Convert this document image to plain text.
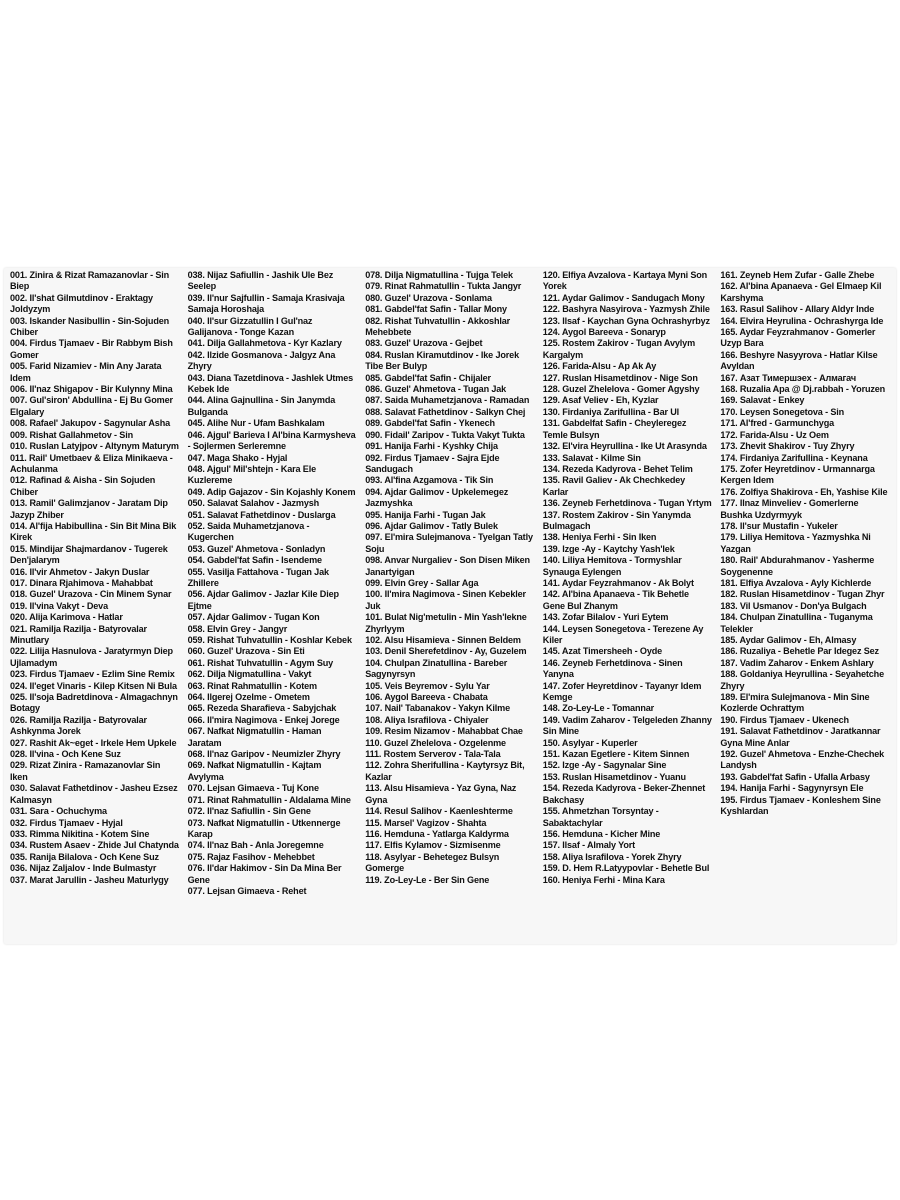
001. Zinira & Rizat Ramazanovlar - Sin Biep
002. Il'shat Gilmutdinov - Eraktagy Joldyzym
003. Iskander Nasibullin - Sin-Sojuden Chiber
004. Firdus Tjamaev - Bir Rabbym Bish Gomer
005. Farid Nizamiev - Min Any Jarata Idem
006. Il'naz Shigapov - Bir Kulynny Mina
007. Gul'siron' Abdullina - Ej Bu Gomer Elgalary
008. Rafael' Jakupov - Sagynular Asha
009. Rishat Gallahmetov - Sin
010. Ruslan Latyjpov - Altynym Maturym
011. Rail' Umetbaev & Eliza Minikaeva - Achulanma
012. Rafinad & Aisha - Sin Sojuden Chiber
013. Ramil' Galimzjanov - Jaratam Dip Jazyp Zhiber
014. Al'fija Habibullina - Sin Bit Mina Bik Kirek
015. Mindijar Shajmardanov - Tugerek Den'jalarym
016. Il'vir Ahmetov - Jakyn Duslar
017. Dinara Rjahimova - Mahabbat
018. Guzel' Urazova - Cin Minem Synar
019. Il'vina Vakyt - Deva
020. Alija Karimova - Hatlar
021. Ramilja Razilja - Batyrovalar Minutlary
022. Lilija Hasnulova - Jaratyrmyn Diep Ujlamadym
023. Firdus Tjamaev - Ezlim Sine Remix
024. Il'eget Vinaris - Kilep Kitsen Ni Bula
025. Il'soja Badretdinova - Almagachnyn Botagy
026. Ramilja Razilja - Batyrovalar Ashkynma Jorek
027. Rashit Ak~eget - Irkele Hem Upkele
028. Il'vina - Och Kene Suz
029. Rizat Zinira - Ramazanovlar Sin Iken
030. Salavat Fathetdinov - Jasheu Ezsez Kalmasyn
031. Sara - Ochuchyma
032. Firdus Tjamaev - Hyjal
033. Rimma Nikitina - Kotem Sine
034. Rustem Asaev - Zhide Jul Chatynda
035. Ranija Bilalova - Och Kene Suz
036. Nijaz Zaljalov - Inde Bulmastyr
037. Marat Jarullin - Jasheu Maturlygy
038. Nijaz Safiullin - Jashik Ule Bez Seelep
039. Il'nur Sajfullin - Samaja Krasivaja Samaja Horoshaja
040. Il'sur Gizzatullin I Gul'naz Galijanova - Tonge Kazan
041. Dilja Gallahmetova - Kyr Kazlary
042. Ilzide Gosmanova - Jalgyz Ana Zhyry
043. Diana Tazetdinova - Jashlek Utmes Kebek Ide
044. Alina Gajnullina - Sin Janymda Bulganda
045. Alihe Nur - Ufam Bashkalam
046. Ajgul' Barieva I Al'bina Karmysheva - Sojlermen Serleremne
047. Maga Shako - Hyjal
048. Ajgul' Mil'shtejn - Kara Ele Kuzlereme
049. Adip Gajazov - Sin Kojashly Konem
050. Salavat Salahov - Jazmysh
051. Salavat Fathetdinov - Duslarga
052. Saida Muhametzjanova - Kugerchen
053. Guzel' Ahmetova - Sonladyn
054. Gabdel'fat Safin - Isendeme
055. Vasilja Fattahova - Tugan Jak Zhillere
056. Ajdar Galimov - Jazlar Kile Diep Ejtme
057. Ajdar Galimov - Tugan Kon
058. Elvin Grey - Jangyr
059. Rishat Tuhvatullin - Koshlar Kebek
060. Guzel' Urazova - Sin Eti
061. Rishat Tuhvatullin - Agym Suy
062. Dilja Nigmatullina - Vakyt
063. Rinat Rahmatullin - Kotem
064. Ilgerej Ozelme - Ometem
065. Rezeda Sharafieva - Sabyjchak
066. Il'mira Nagimova - Enkej Jorege
067. Nafkat Nigmatullin - Haman Jaratam
068. Il'naz Garipov - Neumizler Zhyry
069. Nafkat Nigmatullin - Kajtam Avylyma
070. Lejsan Gimaeva - Tuj Kone
071. Rinat Rahmatullin - Aldalama Mine
072. Il'naz Safiullin - Sin Gene
073. Nafkat Nigmatullin - Utkennerge Karap
074. Il'naz Bah - Anla Joregemne
075. Rajaz Fasihov - Mehebbet
076. Il'dar Hakimov - Sin Da Mina Ber Gene
077. Lejsan Gimaeva - Rehet
078. Dilja Nigmatullina - Tujga Telek
079. Rinat Rahmatullin - Tukta Jangyr
080. Guzel' Urazova - Sonlama
081. Gabdel'fat Safin - Tallar Mony
082. Rishat Tuhvatullin - Akkoshlar Mehebbete
083. Guzel' Urazova - Gejbet
084. Ruslan Kiramutdinov - Ike Jorek Tibe Ber Bulyp
085. Gabdel'fat Safin - Chijaler
086. Guzel' Ahmetova - Tugan Jak
087. Saida Muhametzjanova - Ramadan
088. Salavat Fathetdinov - Salkyn Chej
089. Gabdel'fat Safin - Ykenech
090. Fidail' Zaripov - Tukta Vakyt Tukta
091. Hanija Farhi - Kyshky Chija
092. Firdus Tjamaev - Sajra Ejde Sandugach
093. Al'fina Azgamova - Tik Sin
094. Ajdar Galimov - Upkelemegez Jazmyshka
095. Hanija Farhi - Tugan Jak
096. Ajdar Galimov - Tatly Bulek
097. El'mira Sulejmanova - Tyelgan Tatly Soju
098. Anvar Nurgaliev - Son Disen Miken Janartyigan
099. Elvin Grey - Sallar Aga
100. Il'mira Nagimova - Sinen Kebekler Juk
101. Bulat Nig'metulin - Min Yash'lekne Zhyrlyym
102. Alsu Hisamieva - Sinnen Beldem
103. Denil Sherefetdinov - Ay, Guzelem
104. Chulpan Zinatullina - Bareber Sagynyrsyn
105. Veis Beyremov - Sylu Yar
106. Aygol Bareeva - Chabata
107. Nail' Tabanakov - Yakyn Kilme
108. Aliya Israfilova - Chiyaler
109. Resim Nizamov - Mahabbat Chae
110. Guzel Zhelelova - Ozgelenme
111. Rostem Serverov - Tala-Tala
112. Zohra Sherifullina - Kaytyrsyz Bit, Kazlar
113. Alsu Hisamieva - Yaz Gyna, Naz Gyna
114. Resul Salihov - Kaenleshterme
115. Marsel' Vagizov - Shahta
116. Hemduna - Yatlarga Kaldyrma
117. Elfis Kylamov - Sizmisenme
118. Asylyar - Behetegez Bulsyn Gomerge
119. Zo-Ley-Le - Ber Sin Gene
120. Elfiya Avzalova - Kartaya Myni Son Yorek
121. Aydar Galimov - Sandugach Mony
122. Bashyra Nasyirova - Yazmysh Zhile
123. Ilsaf - Kaychan Gyna Ochrashyrbyz
124. Aygol Bareeva - Sonaryp
125. Rostem Zakirov - Tugan Avylym Kargalym
126. Farida-Alsu - Ap Ak Ay
127. Ruslan Hisametdinov - Nige Son
128. Guzel Zhelelova - Gomer Agyshy
129. Asaf Veliev - Eh, Kyzlar
130. Firdaniya Zarifullina - Bar Ul
131. Gabdelfat Safin - Cheyleregez Temle Bulsyn
132. El'vira Heyrullina - Ike Ut Arasynda
133. Salavat - Kilme Sin
134. Rezeda Kadyrova - Behet Telim
135. Ravil Galiev - Ak Chechkedey Karlar
136. Zeyneb Ferhetdinova - Tugan Yrtym
137. Rostem Zakirov - Sin Yanymda Bulmagach
138. Heniya Ferhi - Sin Iken
139. Izge -Ay - Kaytchy Yash'lek
140. Liliya Hemitova - Tormyshlar Synauga Eylengen
141. Aydar Feyzrahmanov - Ak Bolyt
142. Al'bina Apanaeva - Tik Behetle Gene Bul Zhanym
143. Zofar Bilalov - Yuri Eytem
144. Leysen Sonegetova - Terezene Ay Kiler
145. Azat Timersheeh - Oyde
146. Zeyneb Ferhetdinova - Sinen Yanyna
147. Zofer Heyretdinov - Tayanyr Idem Kemge
148. Zo-Ley-Le - Tomannar
149. Vadim Zaharov - Telgeleden Zhanny Sin Mine
150. Asylyar - Kuperler
151. Kazan Egetlere - Kitem Sinnen
152. Izge -Ay - Sagynalar Sine
153. Ruslan Hisametdinov - Yuanu
154. Rezeda Kadyrova - Beker-Zhennet Bakchasy
155. Ahmetzhan Torsyntay - Sabaktachylar
156. Hemduna - Kicher Mine
157. Ilsaf - Almaly Yort
158. Aliya Israfilova - Yorek Zhyry
159. D. Hem R.Latyypovlar - Behetle Bul
160. Heniya Ferhi - Mina Kara
161. Zeyneb Hem Zufar - Galle Zhebe
162. Al'bina Apanaeva - Gel Elmaep Kil Karshyma
163. Rasul Salihov - Allary Aldyr Inde
164. Elvira Heyrulina - Ochrashyrga Ide
165. Aydar Feyzrahmanov - Gomerler Uzyp Bara
166. Beshyre Nasyyrova - Hatlar Kilse Avyldan
167. Азат Тимершэех - Алмагач
168. Ruzalia Apa @ Dj.rabbah - Yoruzen
169. Salavat - Enkey
170. Leysen Sonegetova - Sin
171. Al'fred - Garmunchyga
172. Farida-Alsu - Uz Oem
173. Zhevit Shakirov - Tuy Zhyry
174. Firdaniya Zarifullina - Keynana
175. Zofer Heyretdinov - Urmannarga Kergen Idem
176. Zolfiya Shakirova - Eh, Yashise Kile
177. Ilnaz Minveliev - Gomerlerne Bushka Uzdyrmyyk
178. Il'sur Mustafin - Yukeler
179. Liliya Hemitova - Yazmyshka Ni Yazgan
180. Rail' Abdurahmanov - Yasherme Soygenenne
181. Elfiya Avzalova - Ayly Kichlerde
182. Ruslan Hisametdinov - Tugan Zhyr
183. Vil Usmanov - Don'ya Bulgach
184. Chulpan Zinatullina - Tuganyma Telekler
185. Aydar Galimov - Eh, Almasy
186. Ruzaliya - Behetle Par Idegez Sez
187. Vadim Zaharov - Enkem Ashlary
188. Goldaniya Heyrullina - Seyahetche Zhyry
189. El'mira Sulejmanova - Min Sine Kozlerde Ochrattym
190. Firdus Tjamaev - Ukenech
191. Salavat Fathetdinov - Jaratkannar Gyna Mine Anlar
192. Guzel' Ahmetova - Enzhe-Chechek Landysh
193. Gabdel'fat Safin - Ufalla Arbasy
194. Hanija Farhi - Sagynyrsyn Ele
195. Firdus Tjamaev - Konleshem Sine Kyshlardan
